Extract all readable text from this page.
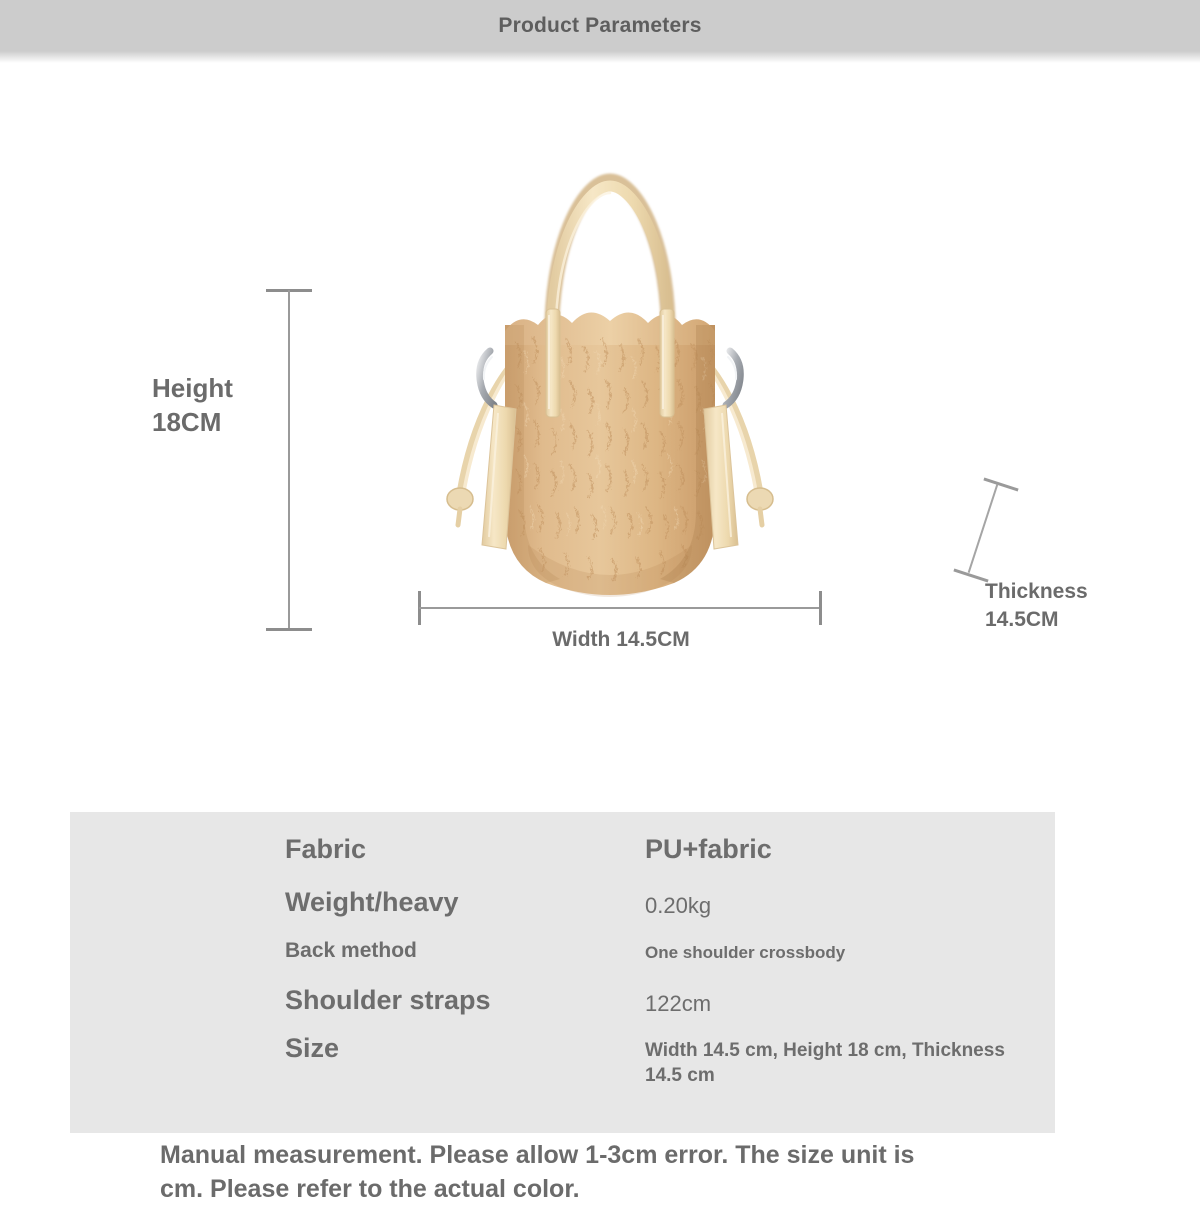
Product Parameters
Height
18CM
Width 14.5CM
Thickness
14.5CM
Fabric	PU+fabric
Weight/heavy	0.20kg
Back method	One shoulder crossbody
Shoulder straps	122cm
Size	Width 14.5 cm, Height 18 cm, Thickness 14.5 cm
Manual measurement. Please allow 1-3cm error. The size unit is cm. Please refer to the actual color.
